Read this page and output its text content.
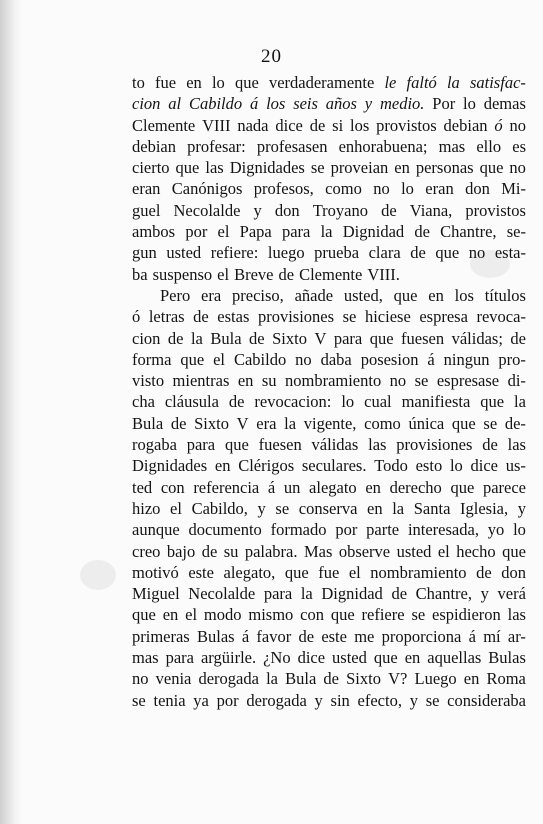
20
to fue en lo que verdaderamente le faltó la satisfac-
cion al Cabildo á los seis años y medio. Por lo demas
Clemente VIII nada dice de si los provistos debian ó no
debian profesar: profesasen enhorabuena; mas ello es
cierto que las Dignidades se proveian en personas que no
eran Canónigos profesos, como no lo eran don Mi-
guel Necolalde y don Troyano de Viana, provistos
ambos por el Papa para la Dignidad de Chantre, se-
gun usted refiere: luego prueba clara de que no esta-
ba suspenso el Breve de Clemente VIII.
Pero era preciso, añade usted, que en los títulos
ó letras de estas provisiones se hiciese espresa revoca-
cion de la Bula de Sixto V para que fuesen válidas; de
forma que el Cabildo no daba posesion á ningun pro-
visto mientras en su nombramiento no se espresase di-
cha cláusula de revocacion: lo cual manifiesta que la
Bula de Sixto V era la vigente, como única que se de-
rogaba para que fuesen válidas las provisiones de las
Dignidades en Clérigos seculares. Todo esto lo dice us-
ted con referencia á un alegato en derecho que parece
hizo el Cabildo, y se conserva en la Santa Iglesia, y
aunque documento formado por parte interesada, yo lo
creo bajo de su palabra. Mas observe usted el hecho que
motivó este alegato, que fue el nombramiento de don
Miguel Necolalde para la Dignidad de Chantre, y verá
que en el modo mismo con que refiere se espidieron las
primeras Bulas á favor de este me proporciona á mí ar-
mas para argüirle. ¿No dice usted que en aquellas Bulas
no venia derogada la Bula de Sixto V? Luego en Roma
se tenia ya por derogada y sin efecto, y se consideraba
